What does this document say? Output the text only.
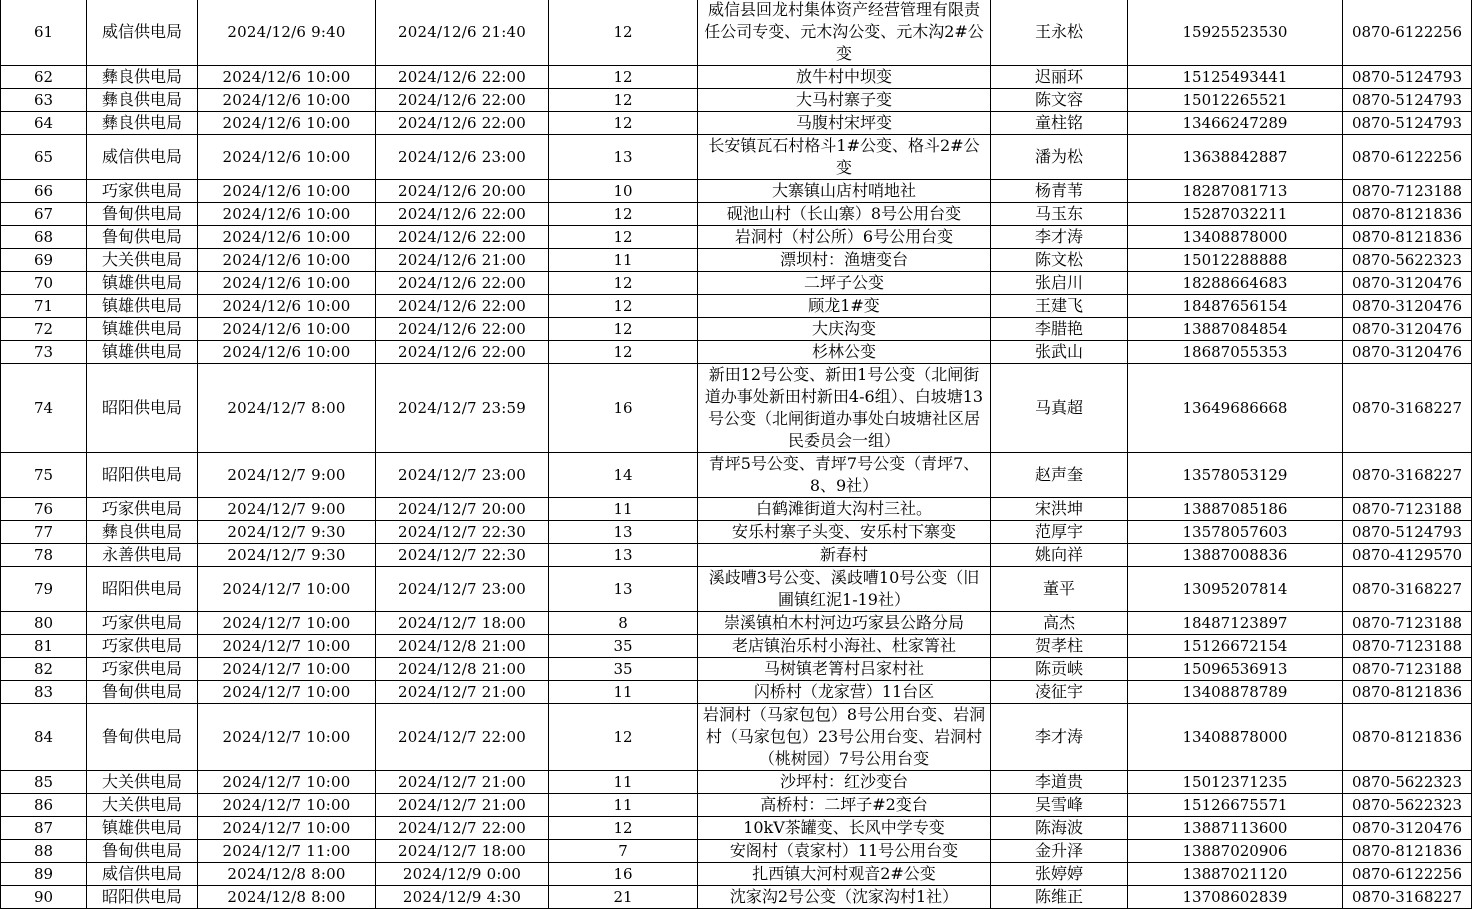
61	威信供电局	2024/12/6 9:40	2024/12/6 21:40	12	威信县回龙村集体资产经营管理有限责任公司专变、元木沟公变、元木沟2#公变	王永松	15925523530	0870-6122256
62	彝良供电局	2024/12/6 10:00	2024/12/6 22:00	12	放牛村中坝变	迟丽环	15125493441	0870-5124793
63	彝良供电局	2024/12/6 10:00	2024/12/6 22:00	12	大马村寨子变	陈文容	15012265521	0870-5124793
64	彝良供电局	2024/12/6 10:00	2024/12/6 22:00	12	马腹村宋坪变	童柱铭	13466247289	0870-5124793
65	威信供电局	2024/12/6 10:00	2024/12/6 23:00	13	长安镇瓦石村格斗1#公变、格斗2#公变	潘为松	13638842887	0870-6122256
66	巧家供电局	2024/12/6 10:00	2024/12/6 20:00	10	大寨镇山店村哨地社	杨青苇	18287081713	0870-7123188
67	鲁甸供电局	2024/12/6 10:00	2024/12/6 22:00	12	砚池山村（长山寨）8号公用台变	马玉东	15287032211	0870-8121836
68	鲁甸供电局	2024/12/6 10:00	2024/12/6 22:00	12	岩洞村（村公所）6号公用台变	李才涛	13408878000	0870-8121836
69	大关供电局	2024/12/6 10:00	2024/12/6 21:00	11	漂坝村：渔塘变台	陈文松	15012288888	0870-5622323
70	镇雄供电局	2024/12/6 10:00	2024/12/6 22:00	12	二坪子公变	张启川	18288664683	0870-3120476
71	镇雄供电局	2024/12/6 10:00	2024/12/6 22:00	12	顾龙1#变	王建飞	18487656154	0870-3120476
72	镇雄供电局	2024/12/6 10:00	2024/12/6 22:00	12	大庆沟变	李腊艳	13887084854	0870-3120476
73	镇雄供电局	2024/12/6 10:00	2024/12/6 22:00	12	杉林公变	张武山	18687055353	0870-3120476
74	昭阳供电局	2024/12/7 8:00	2024/12/7 23:59	16	新田12号公变、新田1号公变（北闸街道办事处新田村新田4-6组）、白坡塘13号公变（北闸街道办事处白坡塘社区居民委员会一组）	马真超	13649686668	0870-3168227
75	昭阳供电局	2024/12/7 9:00	2024/12/7 23:00	14	青坪5号公变、青坪7号公变（青坪7、8、9社）	赵声奎	13578053129	0870-3168227
76	巧家供电局	2024/12/7 9:00	2024/12/7 20:00	11	白鹤滩街道大沟村三社。	宋洪坤	13887085186	0870-7123188
77	彝良供电局	2024/12/7 9:30	2024/12/7 22:30	13	安乐村寨子头变、安乐村下寨变	范厚宇	13578057603	0870-5124793
78	永善供电局	2024/12/7 9:30	2024/12/7 22:30	13	新春村	姚向祥	13887008836	0870-4129570
79	昭阳供电局	2024/12/7 10:00	2024/12/7 23:00	13	溪歧嘈3号公变、溪歧嘈10号公变（旧圃镇红泥1-19社）	董平	13095207814	0870-3168227
80	巧家供电局	2024/12/7 10:00	2024/12/7 18:00	8	崇溪镇柏木村河边巧家县公路分局	高杰	18487123897	0870-7123188
81	巧家供电局	2024/12/7 10:00	2024/12/8 21:00	35	老店镇治乐村小海社、杜家箐社	贺孝柱	15126672154	0870-7123188
82	巧家供电局	2024/12/7 10:00	2024/12/8 21:00	35	马树镇老箐村吕家村社	陈贡峡	15096536913	0870-7123188
83	鲁甸供电局	2024/12/7 10:00	2024/12/7 21:00	11	闪桥村（龙家营）11台区	凌征宇	13408878789	0870-8121836
84	鲁甸供电局	2024/12/7 10:00	2024/12/7 22:00	12	岩洞村（马家包包）8号公用台变、岩洞村（马家包包）23号公用台变、岩洞村（桃树园）7号公用台变	李才涛	13408878000	0870-8121836
85	大关供电局	2024/12/7 10:00	2024/12/7 21:00	11	沙坪村：红沙变台	李道贵	15012371235	0870-5622323
86	大关供电局	2024/12/7 10:00	2024/12/7 21:00	11	高桥村：二坪子#2变台	吴雪峰	15126675571	0870-5622323
87	镇雄供电局	2024/12/7 10:00	2024/12/7 22:00	12	10kV茶罐变、长风中学专变	陈海波	13887113600	0870-3120476
88	鲁甸供电局	2024/12/7 11:00	2024/12/7 18:00	7	安阁村（袁家村）11号公用台变	金升泽	13887020906	0870-8121836
89	威信供电局	2024/12/8 8:00	2024/12/9 0:00	16	扎西镇大河村观音2#公变	张婷婷	13887021120	0870-6122256
90	昭阳供电局	2024/12/8 8:00	2024/12/9 4:30	21	沈家沟2号公变（沈家沟村1社）	陈维正	13708602839	0870-3168227
